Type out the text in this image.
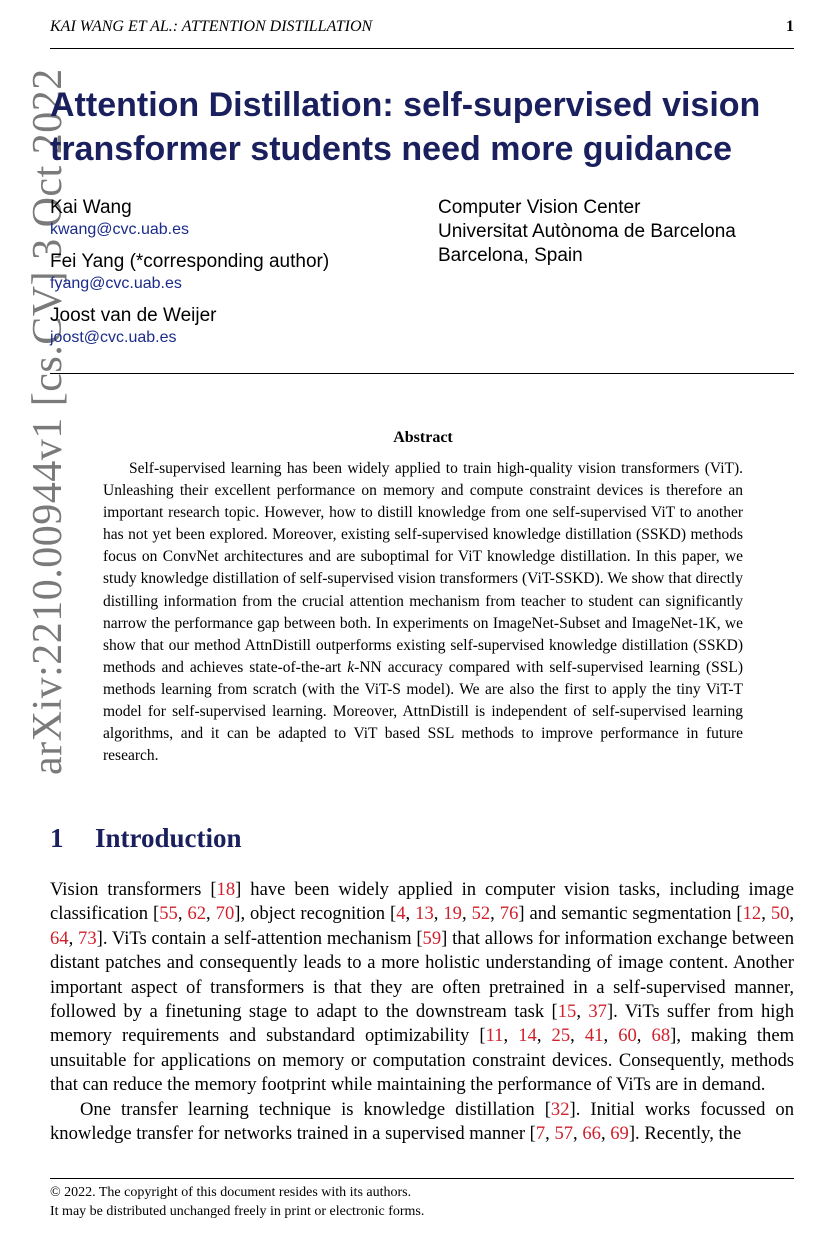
KAI WANG ET AL.: ATTENTION DISTILLATION	1
arXiv:2210.00944v1 [cs.CV] 3 Oct 2022
Attention Distillation: self-supervised vision transformer students need more guidance
Kai Wang
kwang@cvc.uab.es
Fei Yang (*corresponding author)
fyang@cvc.uab.es
Joost van de Weijer
joost@cvc.uab.es
Computer Vision Center
Universitat Autònoma de Barcelona
Barcelona, Spain
Abstract

Self-supervised learning has been widely applied to train high-quality vision transformers (ViT). Unleashing their excellent performance on memory and compute constraint devices is therefore an important research topic. However, how to distill knowledge from one self-supervised ViT to another has not yet been explored. Moreover, existing self-supervised knowledge distillation (SSKD) methods focus on ConvNet architectures and are suboptimal for ViT knowledge distillation. In this paper, we study knowledge distillation of self-supervised vision transformers (ViT-SSKD). We show that directly distilling information from the crucial attention mechanism from teacher to student can significantly narrow the performance gap between both. In experiments on ImageNet-Subset and ImageNet-1K, we show that our method AttnDistill outperforms existing self-supervised knowledge distillation (SSKD) methods and achieves state-of-the-art k-NN accuracy compared with self-supervised learning (SSL) methods learning from scratch (with the ViT-S model). We are also the first to apply the tiny ViT-T model for self-supervised learning. Moreover, AttnDistill is independent of self-supervised learning algorithms, and it can be adapted to ViT based SSL methods to improve performance in future research.

1 Introduction

Vision transformers [18] have been widely applied in computer vision tasks, including image classification [55, 62, 70], object recognition [4, 13, 19, 52, 76] and semantic segmentation [12, 50, 64, 73]. ViTs contain a self-attention mechanism [59] that allows for information exchange between distant patches and consequently leads to a more holistic understanding of image content. Another important aspect of transformers is that they are often pretrained in a self-supervised manner, followed by a finetuning stage to adapt to the downstream task [15, 37]. ViTs suffer from high memory requirements and substandard optimizability [11, 14, 25, 41, 60, 68], making them unsuitable for applications on memory or computation constraint devices. Consequently, methods that can reduce the memory footprint while maintaining the performance of ViTs are in demand.

One transfer learning technique is knowledge distillation [32]. Initial works focussed on knowledge transfer for networks trained in a supervised manner [7, 57, 66, 69]. Recently, the

© 2022. The copyright of this document resides with its authors.
It may be distributed unchanged freely in print or electronic forms.
